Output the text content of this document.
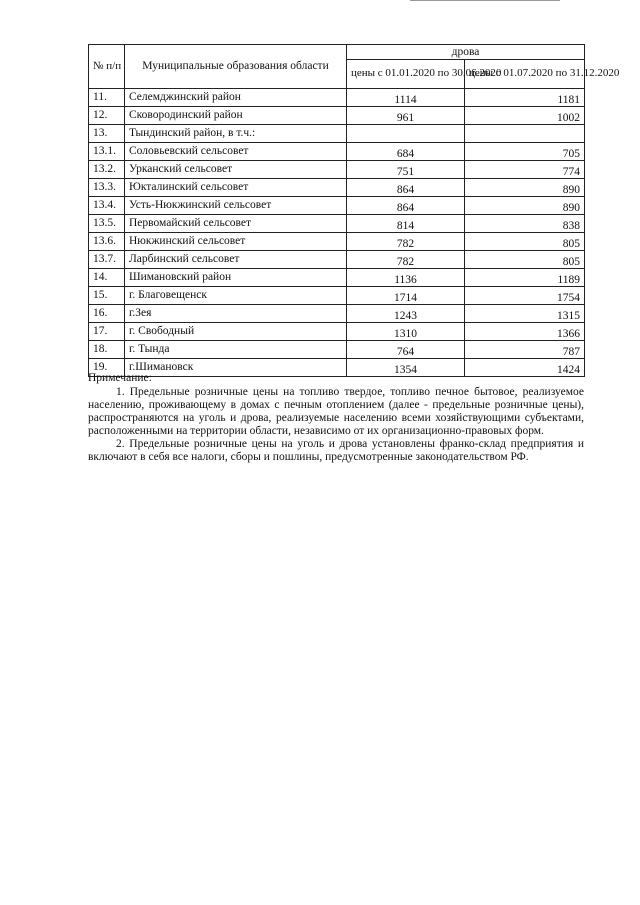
№ п/п	Муниципальные образования области	дрова	
		цены с 01.01.2020 по 30.06.2020	цены с 01.07.2020 по 31.12.2020
11.	Селемджинский район	1114	1181
12.	Сковородинский район	961	1002
13.	Тындинский район, в т.ч.:		
13.1.	Соловьевский сельсовет	684	705
13.2.	Урканский сельсовет	751	774
13.3.	Юкталинский сельсовет	864	890
13.4.	Усть-Нюкжинский сельсовет	864	890
13.5.	Первомайский сельсовет	814	838
13.6.	Нюкжинский сельсовет	782	805
13.7.	Ларбинский сельсовет	782	805
14.	Шимановский район	1136	1189
15.	г. Благовещенск	1714	1754
16.	г.Зея	1243	1315
17.	г. Свободный	1310	1366
18.	г. Тында	764	787
19.	г.Шимановск	1354	1424
Примечание:

1. Предельные розничные цены на топливо твердое, топливо печное бытовое, реализуемое населению, проживающему в домах с печным отоплением (далее - предельные розничные цены), распространяются на уголь и дрова, реализуемые населению всеми хозяйствующими субъектами, расположенными на территории области, независимо от их организационно-правовых форм.

2. Предельные розничные цены на уголь и дрова установлены франко-склад предприятия и включают в себя все налоги, сборы и пошлины, предусмотренные законодательством РФ.
